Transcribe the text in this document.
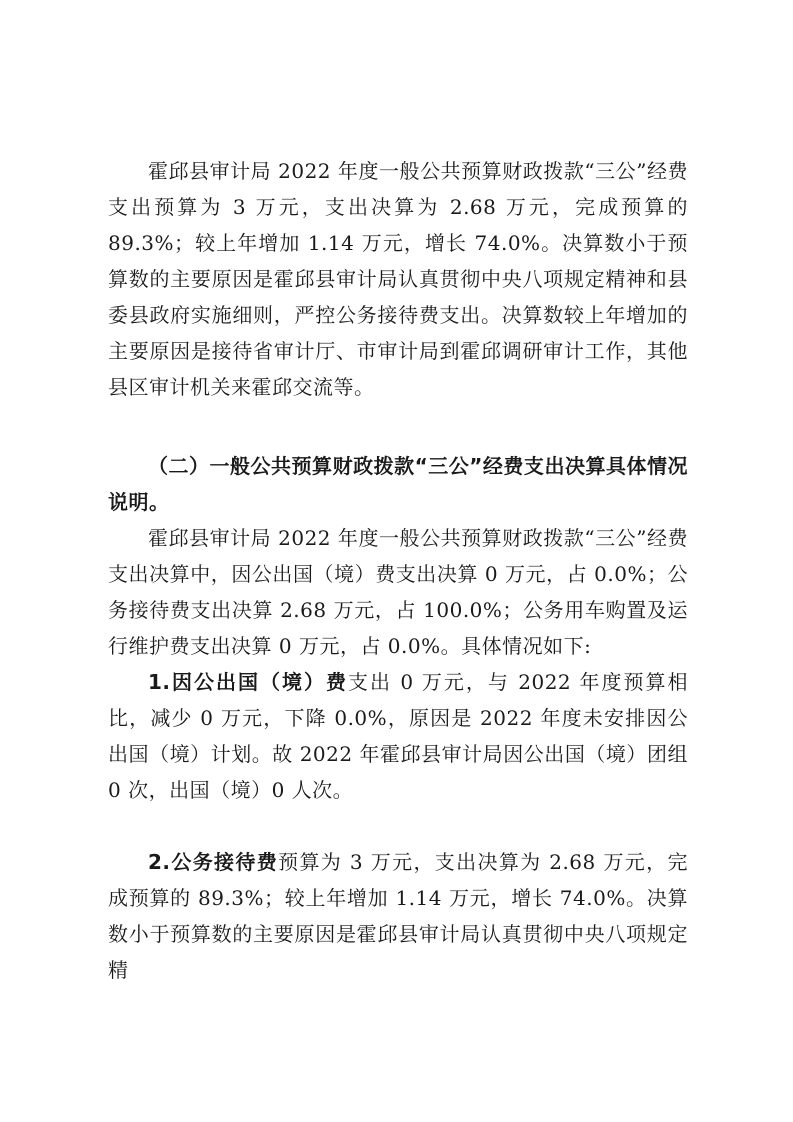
霍邱县审计局 2022 年度一般公共预算财政拨款“三公”经费支出预算为 3 万元，支出决算为 2.68 万元，完成预算的 89.3%；较上年增加 1.14 万元，增长 74.0%。决算数小于预算数的主要原因是霍邱县审计局认真贯彻中央八项规定精神和县委县政府实施细则，严控公务接待费支出。决算数较上年增加的主要原因是接待省审计厅、市审计局到霍邱调研审计工作，其他县区审计机关来霍邱交流等。

（二）一般公共预算财政拨款“三公”经费支出决算具体情况说明。

霍邱县审计局 2022 年度一般公共预算财政拨款“三公”经费支出决算中，因公出国（境）费支出决算 0 万元，占 0.0%；公务接待费支出决算 2.68 万元，占 100.0%；公务用车购置及运行维护费支出决算 0 万元，占 0.0%。具体情况如下:

1.因公出国（境）费支出 0 万元，与 2022 年度预算相比，减少 0 万元，下降 0.0%，原因是 2022 年度未安排因公出国（境）计划。故 2022 年霍邱县审计局因公出国（境）团组 0 次，出国（境）0 人次。

2.公务接待费预算为 3 万元，支出决算为 2.68 万元，完成预算的 89.3%；较上年增加 1.14 万元，增长 74.0%。决算数小于预算数的主要原因是霍邱县审计局认真贯彻中央八项规定精
